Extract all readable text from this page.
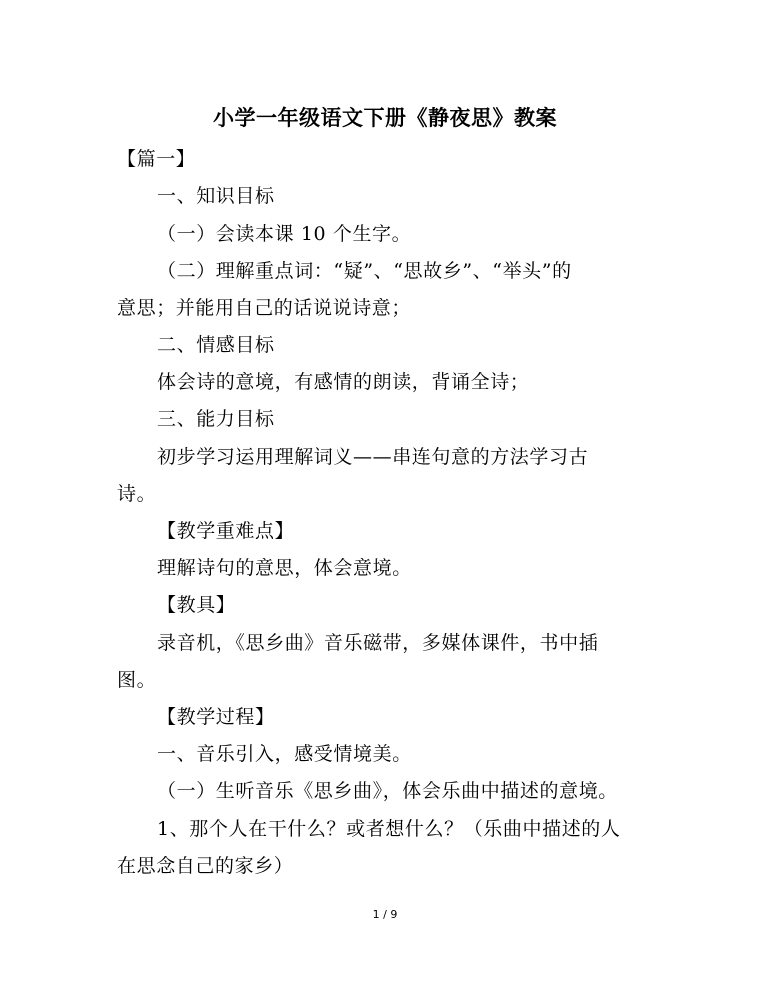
小学一年级语文下册《静夜思》教案
【篇一】
一、知识目标
（一）会读本课 10 个生字。
（二）理解重点词：“疑”、“思故乡”、“举头”的
意思；并能用自己的话说说诗意；
二、情感目标
体会诗的意境，有感情的朗读，背诵全诗；
三、能力目标
初步学习运用理解词义——串连句意的方法学习古
诗。
【教学重难点】
理解诗句的意思，体会意境。
【教具】
录音机，《思乡曲》音乐磁带，多媒体课件，书中插
图。
【教学过程】
一、音乐引入，感受情境美。
（一）生听音乐《思乡曲》，体会乐曲中描述的意境。
1、那个人在干什么？或者想什么？（乐曲中描述的人
在思念自己的家乡）
1 / 9
